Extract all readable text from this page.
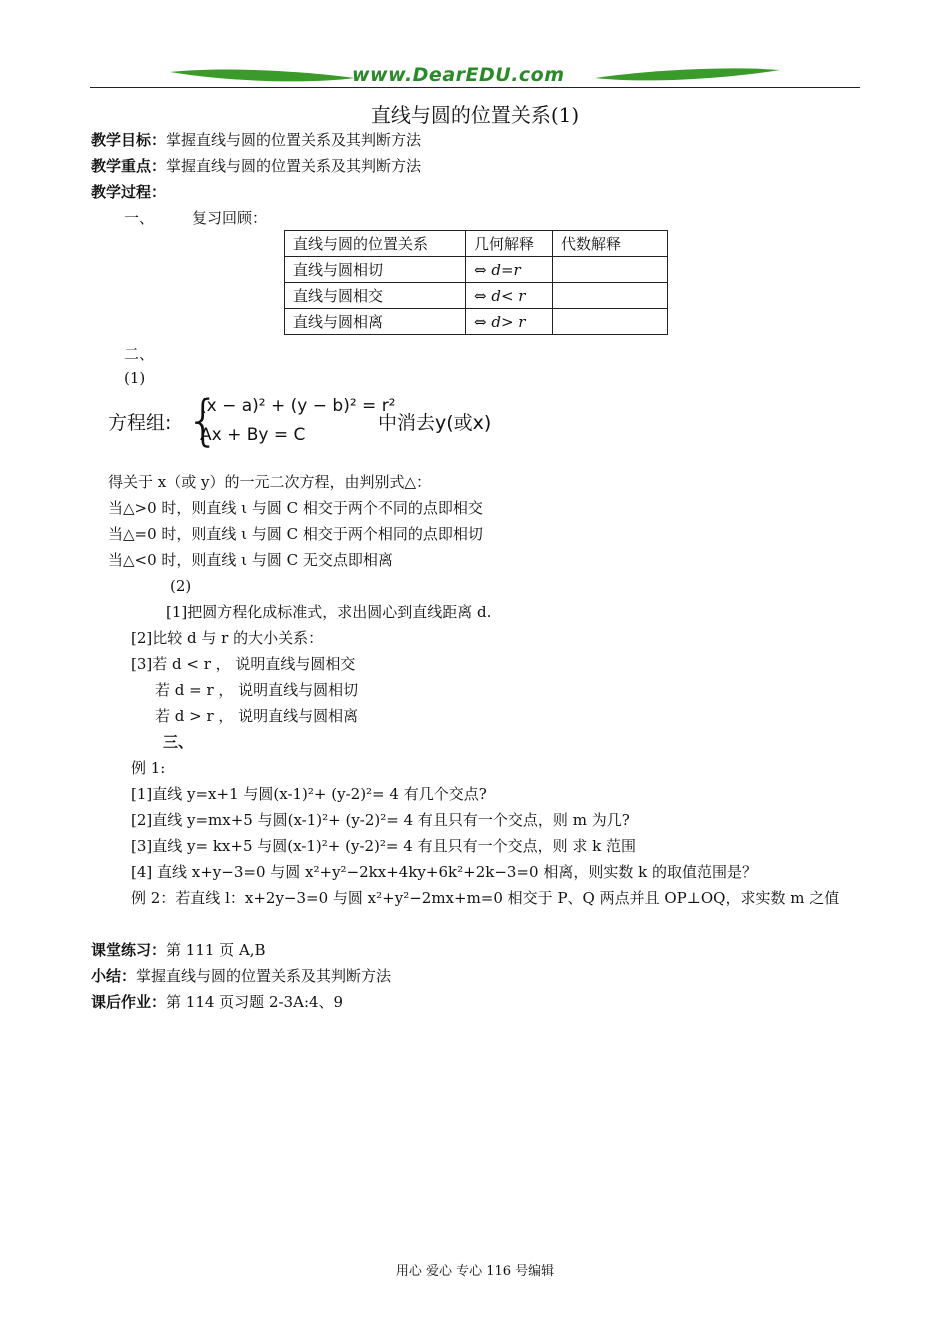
www.DearEDU.com
直线与圆的位置关系(1)
教学目标：掌握直线与圆的位置关系及其判断方法
教学重点：掌握直线与圆的位置关系及其判断方法
教学过程：
一、	复习回顾：
直线与圆的位置关系	几何解释	代数解释
直线与圆相切	⇔ d=r	
直线与圆相交	⇔ d< r	
直线与圆相离	⇔ d> r	
二、
(1)
方程组: {
(x − a)² + (y − b)² = r²
Ax + By = C
中消去y(或x)
得关于 x（或 y）的一元二次方程，由判别式△：
当△>0 时，则直线 ι 与圆 C 相交于两个不同的点即相交
当△=0 时，则直线 ι 与圆 C 相交于两个相同的点即相切
当△<0 时，则直线 ι 与圆 C 无交点即相离
(2)
[1]把圆方程化成标准式，求出圆心到直线距离 d.
[2]比较 d 与 r 的大小关系：
[3]若 d < r ， 说明直线与圆相交
若 d = r ， 说明直线与圆相切
若 d > r ， 说明直线与圆相离
三、
例 1:
[1]直线 y=x+1 与圆(x-1)²+ (y-2)²= 4 有几个交点?
[2]直线 y=mx+5 与圆(x-1)²+ (y-2)²= 4 有且只有一个交点，则 m 为几?
[3]直线 y= kx+5 与圆(x-1)²+ (y-2)²= 4 有且只有一个交点，则 求 k 范围
[4] 直线 x+y−3=0 与圆 x²+y²−2kx+4ky+6k²+2k−3=0 相离，则实数 k 的取值范围是？
例 2：若直线 l：x+2y−3=0 与圆 x²+y²−2mx+m=0 相交于 P、Q 两点并且 OP⊥OQ，求实数 m 之值
课堂练习：第 111 页 A,B
小结：掌握直线与圆的位置关系及其判断方法
课后作业：第 114 页习题 2-3A:4、9
用心 爱心 专心 116 号编辑
